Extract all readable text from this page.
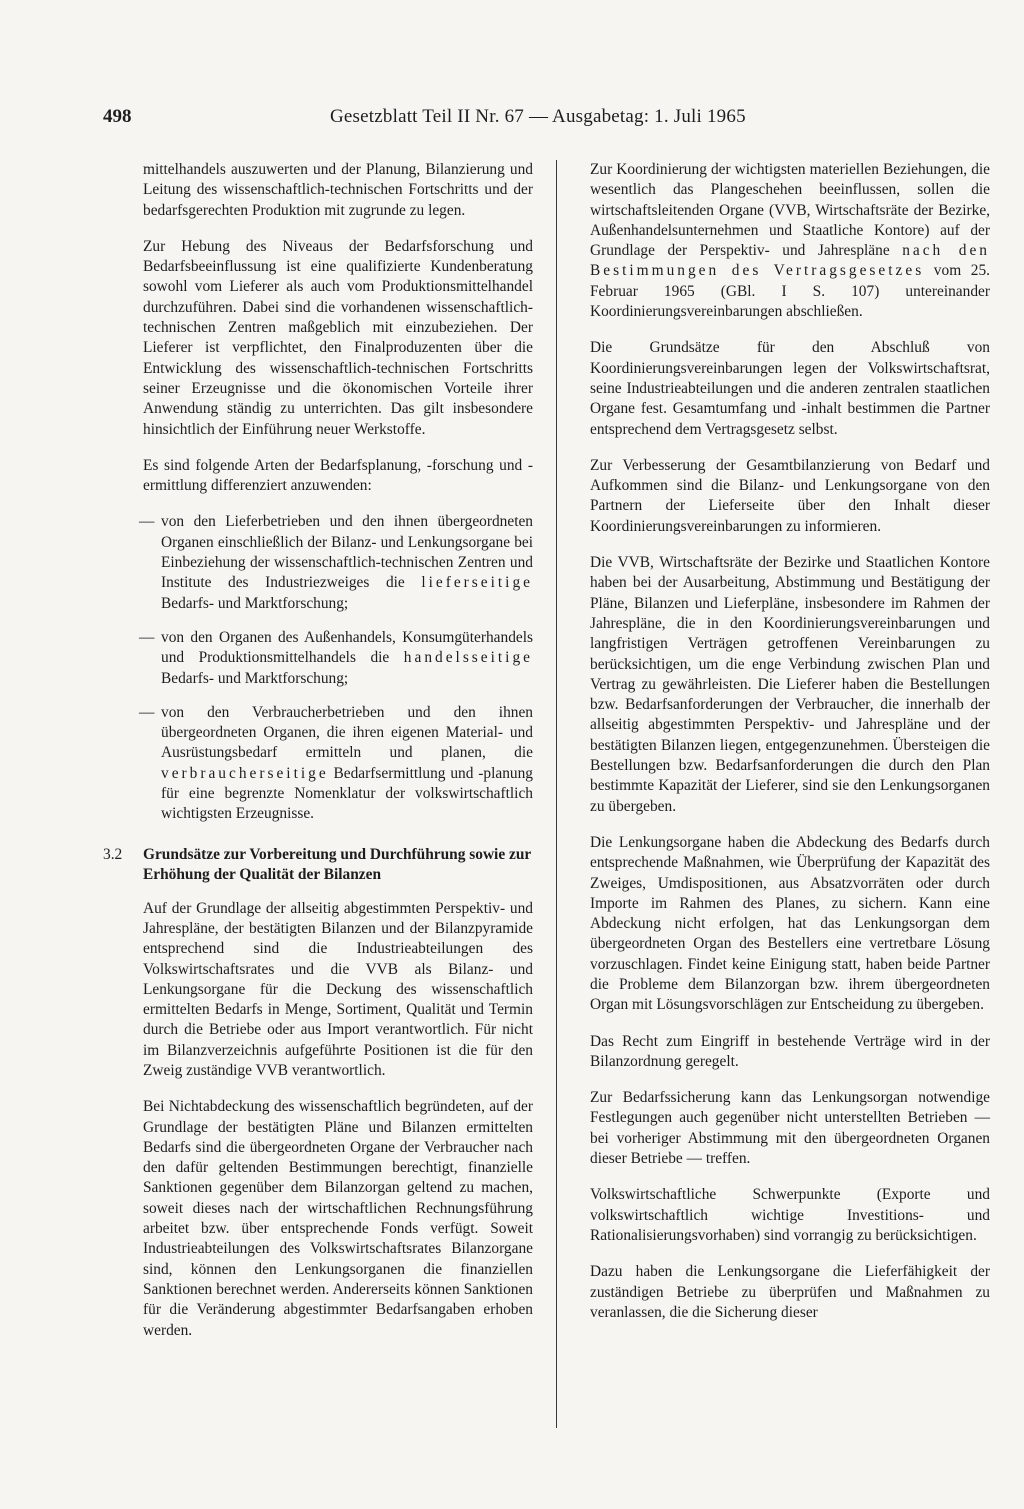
498	Gesetzblatt Teil II Nr. 67 — Ausgabetag: 1. Juli 1965

mittelhandels auszuwerten und der Planung, Bilanzierung und Leitung des wissenschaftlich-technischen Fortschritts und der bedarfsgerechten Produktion mit zugrunde zu legen.

Zur Hebung des Niveaus der Bedarfsforschung und Bedarfsbeeinflussung ist eine qualifizierte Kundenberatung sowohl vom Lieferer als auch vom Produktionsmittelhandel durchzuführen. Dabei sind die vorhandenen wissenschaftlich-technischen Zentren maßgeblich mit einzubeziehen. Der Lieferer ist verpflichtet, den Finalproduzenten über die Entwicklung des wissenschaftlich-technischen Fortschritts seiner Erzeugnisse und die ökonomischen Vorteile ihrer Anwendung ständig zu unterrichten. Das gilt insbesondere hinsichtlich der Einführung neuer Werkstoffe.

Es sind folgende Arten der Bedarfsplanung, -forschung und -ermittlung differenziert anzuwenden:

— von den Lieferbetrieben und den ihnen übergeordneten Organen einschließlich der Bilanz- und Lenkungsorgane bei Einbeziehung der wissenschaftlich-technischen Zentren und Institute des Industriezweiges die lieferseitige Bedarfs- und Marktforschung;
— von den Organen des Außenhandels, Konsumgüterhandels und Produktionsmittelhandels die handelsseitige Bedarfs- und Marktforschung;
— von den Verbraucherbetrieben und den ihnen übergeordneten Organen, die ihren eigenen Material- und Ausrüstungsbedarf ermitteln und planen, die verbraucherseitige Bedarfsermittlung und -planung für eine begrenzte Nomenklatur der volkswirtschaftlich wichtigsten Erzeugnisse.
3.2 Grundsätze zur Vorbereitung und Durchführung sowie zur Erhöhung der Qualität der Bilanzen

Auf der Grundlage der allseitig abgestimmten Perspektiv- und Jahrespläne, der bestätigten Bilanzen und der Bilanzpyramide entsprechend sind die Industrieabteilungen des Volkswirtschaftsrates und die VVB als Bilanz- und Lenkungsorgane für die Deckung des wissenschaftlich ermittelten Bedarfs in Menge, Sortiment, Qualität und Termin durch die Betriebe oder aus Import verantwortlich. Für nicht im Bilanzverzeichnis aufgeführte Positionen ist die für den Zweig zuständige VVB verantwortlich.

Bei Nichtabdeckung des wissenschaftlich begründeten, auf der Grundlage der bestätigten Pläne und Bilanzen ermittelten Bedarfs sind die übergeordneten Organe der Verbraucher nach den dafür geltenden Bestimmungen berechtigt, finanzielle Sanktionen gegenüber dem Bilanzorgan geltend zu machen, soweit dieses nach der wirtschaftlichen Rechnungsführung arbeitet bzw. über entsprechende Fonds verfügt. Soweit Industrieabteilungen des Volkswirtschaftsrates Bilanzorgane sind, können den Lenkungsorganen die finanziellen Sanktionen berechnet werden. Andererseits können Sanktionen für die Veränderung abgestimmter Bedarfsangaben erhoben werden.

Zur Koordinierung der wichtigsten materiellen Beziehungen, die wesentlich das Plangeschehen beeinflussen, sollen die wirtschaftsleitenden Organe (VVB, Wirtschaftsräte der Bezirke, Außenhandelsunternehmen und Staatliche Kontore) auf der Grundlage der Perspektiv- und Jahrespläne nach den Bestimmungen des Vertragsgesetzes vom 25. Februar 1965 (GBl. I S. 107) untereinander Koordinierungsvereinbarungen abschließen.

Die Grundsätze für den Abschluß von Koordinierungsvereinbarungen legen der Volkswirtschaftsrat, seine Industrieabteilungen und die anderen zentralen staatlichen Organe fest. Gesamtumfang und -inhalt bestimmen die Partner entsprechend dem Vertragsgesetz selbst.

Zur Verbesserung der Gesamtbilanzierung von Bedarf und Aufkommen sind die Bilanz- und Lenkungsorgane von den Partnern der Lieferseite über den Inhalt dieser Koordinierungsvereinbarungen zu informieren.

Die VVB, Wirtschaftsräte der Bezirke und Staatlichen Kontore haben bei der Ausarbeitung, Abstimmung und Bestätigung der Pläne, Bilanzen und Lieferpläne, insbesondere im Rahmen der Jahrespläne, die in den Koordinierungsvereinbarungen und langfristigen Verträgen getroffenen Vereinbarungen zu berücksichtigen, um die enge Verbindung zwischen Plan und Vertrag zu gewährleisten. Die Lieferer haben die Bestellungen bzw. Bedarfsanforderungen der Verbraucher, die innerhalb der allseitig abgestimmten Perspektiv- und Jahrespläne und der bestätigten Bilanzen liegen, entgegenzunehmen. Übersteigen die Bestellungen bzw. Bedarfsanforderungen die durch den Plan bestimmte Kapazität der Lieferer, sind sie den Lenkungsorganen zu übergeben.

Die Lenkungsorgane haben die Abdeckung des Bedarfs durch entsprechende Maßnahmen, wie Überprüfung der Kapazität des Zweiges, Umdispositionen, aus Absatzvorräten oder durch Importe im Rahmen des Planes, zu sichern. Kann eine Abdeckung nicht erfolgen, hat das Lenkungsorgan dem übergeordneten Organ des Bestellers eine vertretbare Lösung vorzuschlagen. Findet keine Einigung statt, haben beide Partner die Probleme dem Bilanzorgan bzw. ihrem übergeordneten Organ mit Lösungsvorschlägen zur Entscheidung zu übergeben.

Das Recht zum Eingriff in bestehende Verträge wird in der Bilanzordnung geregelt.

Zur Bedarfssicherung kann das Lenkungsorgan notwendige Festlegungen auch gegenüber nicht unterstellten Betrieben — bei vorheriger Abstimmung mit den übergeordneten Organen dieser Betriebe — treffen.

Volkswirtschaftliche Schwerpunkte (Exporte und volkswirtschaftlich wichtige Investitions- und Rationalisierungsvorhaben) sind vorrangig zu berücksichtigen.

Dazu haben die Lenkungsorgane die Lieferfähigkeit der zuständigen Betriebe zu überprüfen und Maßnahmen zu veranlassen, die die Sicherung dieser
